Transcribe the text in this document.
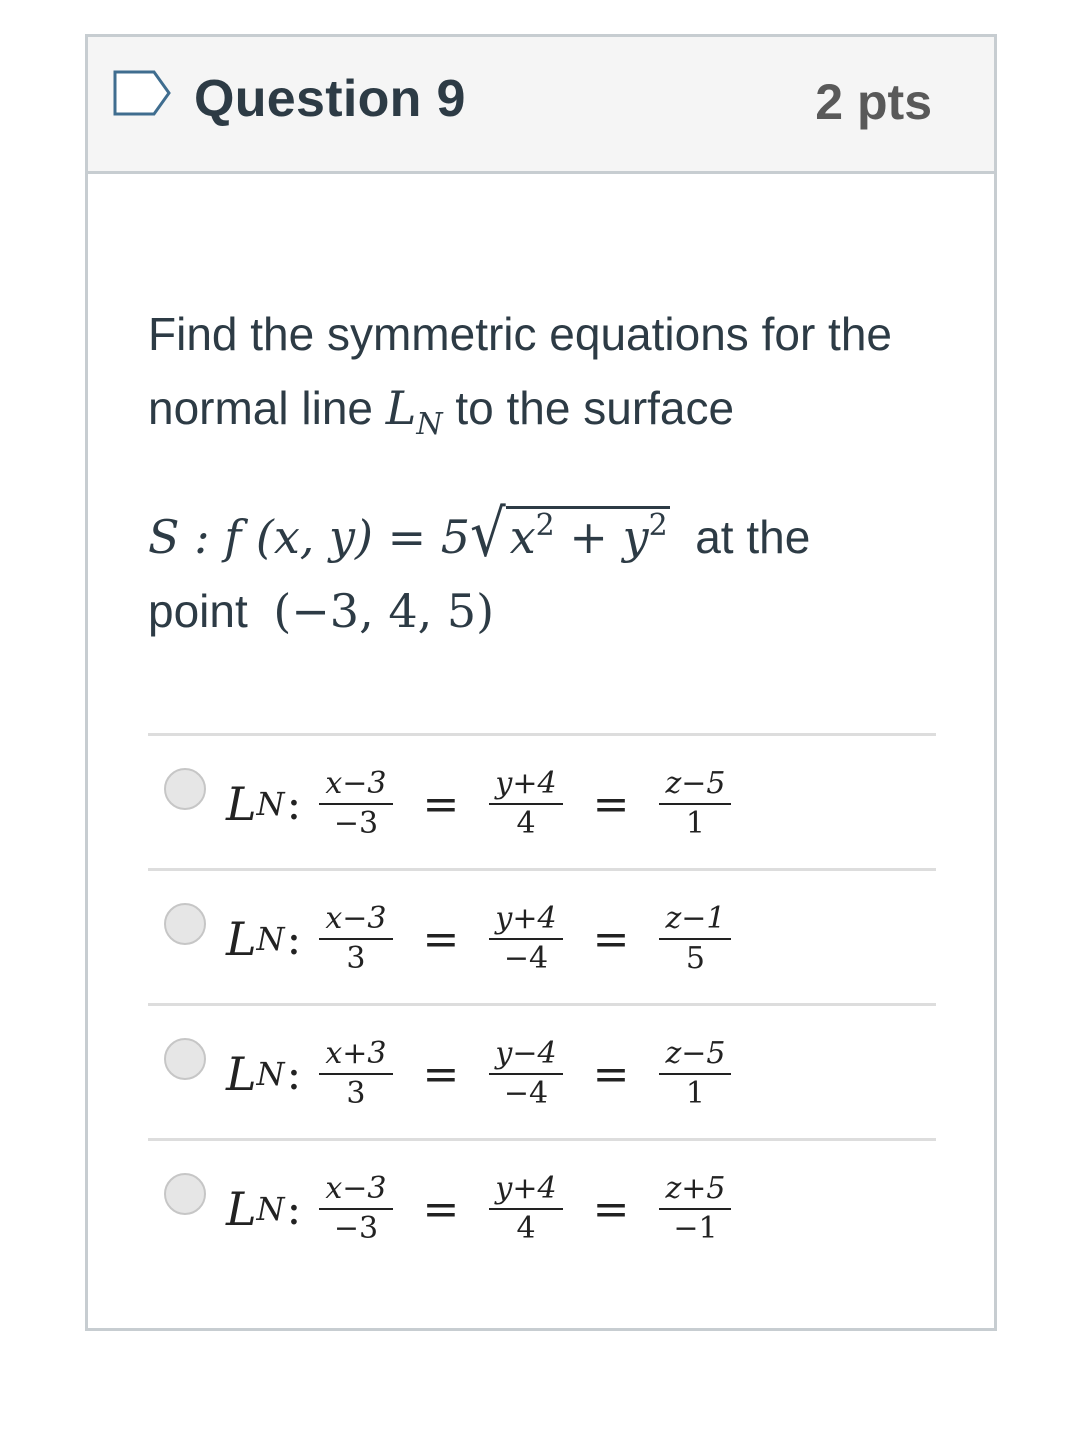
Question 9	2 pts

Find the symmetric equations for the

normal line $L_N$ to the surface

S : f (x, $y) = 5√x^2 + y^2$ at the

point (−3, 4, 5)

L N : $\frac{x-3}{-3} = \frac{y+4}{4} = \frac{z-5}{1}$
L N : $\frac{x-3}{3} = \frac{y+4}{-4} = \frac{z-1}{5}$
L N : $\frac{x+3}{3} = \frac{y-4}{-4} = \frac{z-5}{1}$
L N : $\frac{x-3}{-3} = \frac{y+4}{4} = \frac{z+5}{-1}$
